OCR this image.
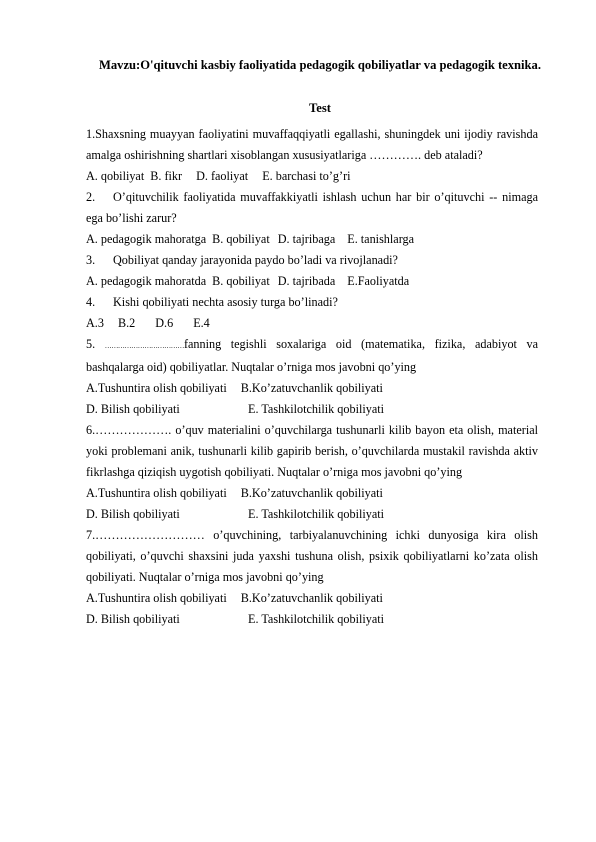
Mavzu:O'qituvchi kasbiy faoliyatida pedagogik qobiliyatlar va pedagogik texnika.
Test
1.Shaxsning muayyan faoliyatini muvaffaqqiyatli egallashi, shuningdek uni ijodiy ravishda amalga oshirishning shartlari xisoblangan xususiyatlariga …………. deb ataladi?
A. qobiliyat B. fikr D. faoliyat E. barchasi to’g’ri
2. O’qituvchilik faoliyatida muvaffakkiyatli ishlash uchun har bir o’qituvchi -- nimaga ega bo’lishi zarur?
A. pedagogik mahoratga B. qobiliyat D. tajribaga E. tanishlarga
3. Qobiliyat qanday jarayonida paydo bo’ladi va rivojlanadi?
A. pedagogik mahoratda B. qobiliyat D. tajribada E.Faoliyatda
4. Kishi qobiliyati nechta asosiy turga bo’linadi?
A.3 B.2 D.6 E.4
5. ………………………………fanning tegishli soxalariga oid (matematika, fizika, adabiyot va bashqalarga oid) qobiliyatlar. Nuqtalar o’rniga mos javobni qo’ying
A.Tushuntira olish qobiliyati B.Ko’zatuvchanlik qobiliyati
D. Bilish qobiliyati	E. Tashkilotchilik qobiliyati
6.………………. o’quv materialini o’quvchilarga tushunarli kilib bayon eta olish, material yoki problemani anik, tushunarli kilib gapirib berish, o’quvchilarda mustakil ravishda aktiv fikrlashga qiziqish uygotish qobiliyati. Nuqtalar o’rniga mos javobni qo’ying
A.Tushuntira olish qobiliyati B.Ko’zatuvchanlik qobiliyati
D. Bilish qobiliyati	E. Tashkilotchilik qobiliyati
7.……………………… o’quvchining, tarbiyalanuvchining ichki dunyosiga kira olish qobiliyati, o’quvchi shaxsini juda yaxshi tushuna olish, psixik qobiliyatlarni ko’zata olish qobiliyati. Nuqtalar o’rniga mos javobni qo’ying
A.Tushuntira olish qobiliyati B.Ko’zatuvchanlik qobiliyati
D. Bilish qobiliyati	E. Tashkilotchilik qobiliyati
